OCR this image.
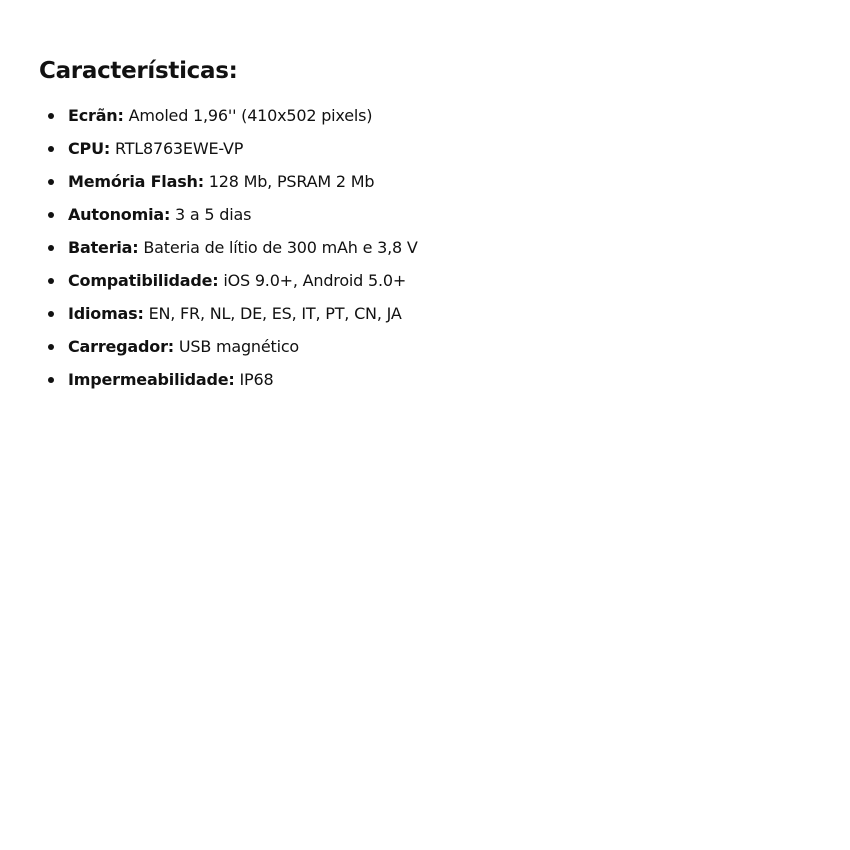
Características:
Ecrãn: Amoled 1,96'' (410x502 pixels)
CPU: RTL8763EWE-VP
Memória Flash: 128 Mb, PSRAM 2 Mb
Autonomia: 3 a 5 dias
Bateria: Bateria de lítio de 300 mAh e 3,8 V
Compatibilidade: iOS 9.0+, Android 5.0+
Idiomas: EN, FR, NL, DE, ES, IT, PT, CN, JA
Carregador: USB magnético
Impermeabilidade: IP68
